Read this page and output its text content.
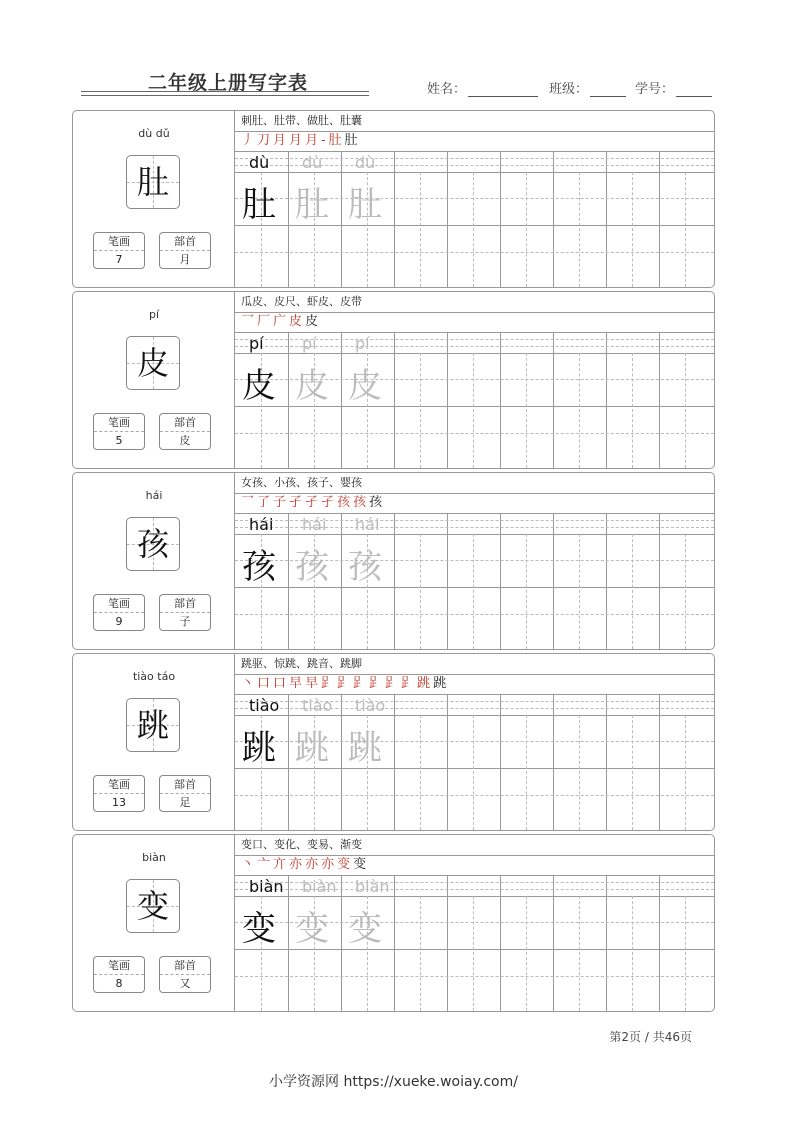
二年级上册写字表	姓名：	班级：	学号：
dù dǔ
肚
笔画
7
部首
月
刺肚、肚带、做肚、肚囊
丿刀月月月-肚肚
dù
肚
dù
肚
dù
肚
pí
皮
笔画
5
部首
皮
瓜皮、皮尺、虾皮、皮带
乛厂广皮皮
pí
皮
pí
皮
pí
皮
hái
孩
笔画
9
部首
子
女孩、小孩、孩子、婴孩
乛了子孑孑孑孩孩孩
hái
孩
hái
孩
hái
孩
tiào táo
跳
笔画
13
部首
足
跳驱、惊跳、跳音、跳脚
丶口口早早𧾷𧾷𧾷𧾷𧾷𧾷跳跳
tiào
跳
tiào
跳
tiào
跳
biàn
变
笔画
8
部首
又
变口、变化、变易、渐变
丶亠亣亦亦亦变变
biàn
变
biàn
变
biàn
变
第2页 / 共46页
小学资源网 https://xueke.woiay.com/
